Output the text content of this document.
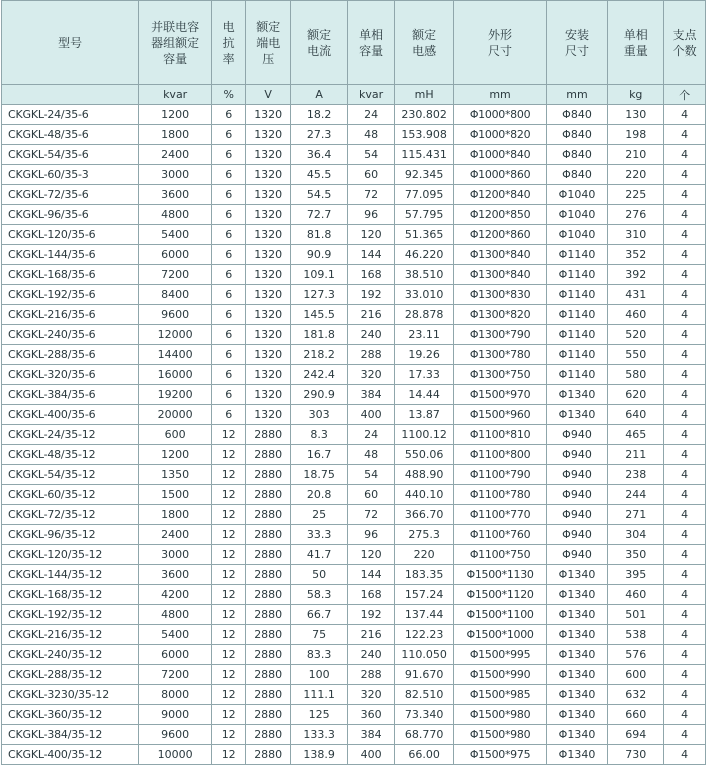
型号	并联电容器组额定容量	电抗率	额定端电压	额定电流	单相容量	额定电感	外形尺寸	安装尺寸	单相重量	支点个数
	kvar	%	V	A	kvar	mH	mm	mm	kg	个
CKGKL-24/35-6	1200	6	1320	18.2	24	230.802	Φ1000*800	Φ840	130	4
CKGKL-48/35-6	1800	6	1320	27.3	48	153.908	Φ1000*820	Φ840	198	4
CKGKL-54/35-6	2400	6	1320	36.4	54	115.431	Φ1000*840	Φ840	210	4
CKGKL-60/35-3	3000	6	1320	45.5	60	92.345	Φ1000*860	Φ840	220	4
CKGKL-72/35-6	3600	6	1320	54.5	72	77.095	Φ1200*840	Φ1040	225	4
CKGKL-96/35-6	4800	6	1320	72.7	96	57.795	Φ1200*850	Φ1040	276	4
CKGKL-120/35-6	5400	6	1320	81.8	120	51.365	Φ1200*860	Φ1040	310	4
CKGKL-144/35-6	6000	6	1320	90.9	144	46.220	Φ1300*840	Φ1140	352	4
CKGKL-168/35-6	7200	6	1320	109.1	168	38.510	Φ1300*840	Φ1140	392	4
CKGKL-192/35-6	8400	6	1320	127.3	192	33.010	Φ1300*830	Φ1140	431	4
CKGKL-216/35-6	9600	6	1320	145.5	216	28.878	Φ1300*820	Φ1140	460	4
CKGKL-240/35-6	12000	6	1320	181.8	240	23.11	Φ1300*790	Φ1140	520	4
CKGKL-288/35-6	14400	6	1320	218.2	288	19.26	Φ1300*780	Φ1140	550	4
CKGKL-320/35-6	16000	6	1320	242.4	320	17.33	Φ1300*750	Φ1140	580	4
CKGKL-384/35-6	19200	6	1320	290.9	384	14.44	Φ1500*970	Φ1340	620	4
CKGKL-400/35-6	20000	6	1320	303	400	13.87	Φ1500*960	Φ1340	640	4
CKGKL-24/35-12	600	12	2880	8.3	24	1100.12	Φ1100*810	Φ940	465	4
CKGKL-48/35-12	1200	12	2880	16.7	48	550.06	Φ1100*800	Φ940	211	4
CKGKL-54/35-12	1350	12	2880	18.75	54	488.90	Φ1100*790	Φ940	238	4
CKGKL-60/35-12	1500	12	2880	20.8	60	440.10	Φ1100*780	Φ940	244	4
CKGKL-72/35-12	1800	12	2880	25	72	366.70	Φ1100*770	Φ940	271	4
CKGKL-96/35-12	2400	12	2880	33.3	96	275.3	Φ1100*760	Φ940	304	4
CKGKL-120/35-12	3000	12	2880	41.7	120	220	Φ1100*750	Φ940	350	4
CKGKL-144/35-12	3600	12	2880	50	144	183.35	Φ1500*1130	Φ1340	395	4
CKGKL-168/35-12	4200	12	2880	58.3	168	157.24	Φ1500*1120	Φ1340	460	4
CKGKL-192/35-12	4800	12	2880	66.7	192	137.44	Φ1500*1100	Φ1340	501	4
CKGKL-216/35-12	5400	12	2880	75	216	122.23	Φ1500*1000	Φ1340	538	4
CKGKL-240/35-12	6000	12	2880	83.3	240	110.050	Φ1500*995	Φ1340	576	4
CKGKL-288/35-12	7200	12	2880	100	288	91.670	Φ1500*990	Φ1340	600	4
CKGKL-3230/35-12	8000	12	2880	111.1	320	82.510	Φ1500*985	Φ1340	632	4
CKGKL-360/35-12	9000	12	2880	125	360	73.340	Φ1500*980	Φ1340	660	4
CKGKL-384/35-12	9600	12	2880	133.3	384	68.770	Φ1500*980	Φ1340	694	4
CKGKL-400/35-12	10000	12	2880	138.9	400	66.00	Φ1500*975	Φ1340	730	4
